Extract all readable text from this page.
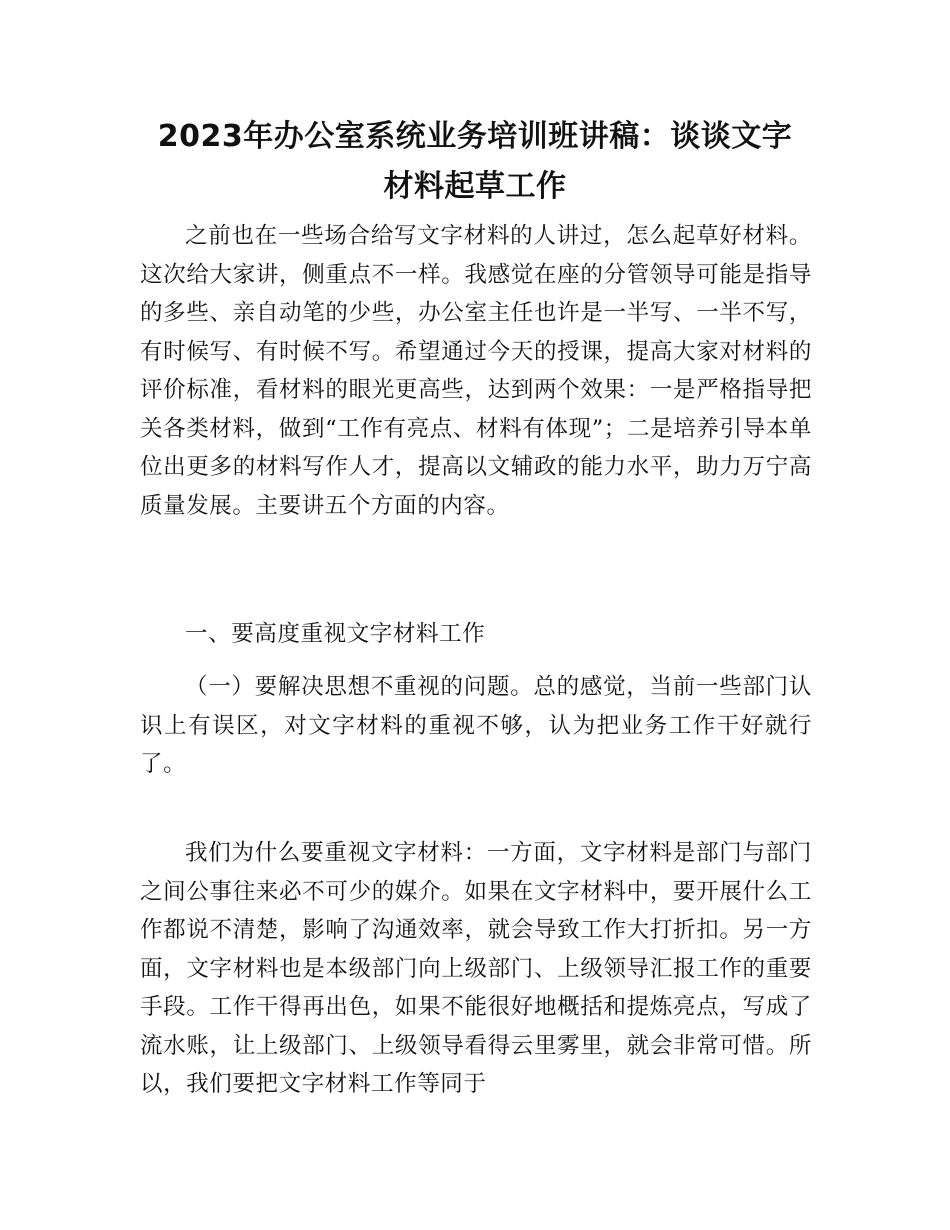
2023年办公室系统业务培训班讲稿：谈谈文字
材料起草工作

之前也在一些场合给写文字材料的人讲过，怎么起草好材料。这次给大家讲，侧重点不一样。我感觉在座的分管领导可能是指导的多些、亲自动笔的少些，办公室主任也许是一半写、一半不写，有时候写、有时候不写。希望通过今天的授课，提高大家对材料的评价标准，看材料的眼光更高些，达到两个效果：一是严格指导把关各类材料，做到“工作有亮点、材料有体现”；二是培养引导本单位出更多的材料写作人才，提高以文辅政的能力水平，助力万宁高质量发展。主要讲五个方面的内容。

一、要高度重视文字材料工作

（一）要解决思想不重视的问题。总的感觉，当前一些部门认识上有误区，对文字材料的重视不够，认为把业务工作干好就行了。

我们为什么要重视文字材料：一方面，文字材料是部门与部门之间公事往来必不可少的媒介。如果在文字材料中，要开展什么工作都说不清楚，影响了沟通效率，就会导致工作大打折扣。另一方面，文字材料也是本级部门向上级部门、上级领导汇报工作的重要手段。工作干得再出色，如果不能很好地概括和提炼亮点，写成了流水账，让上级部门、上级领导看得云里雾里，就会非常可惜。所以，我们要把文字材料工作等同于
